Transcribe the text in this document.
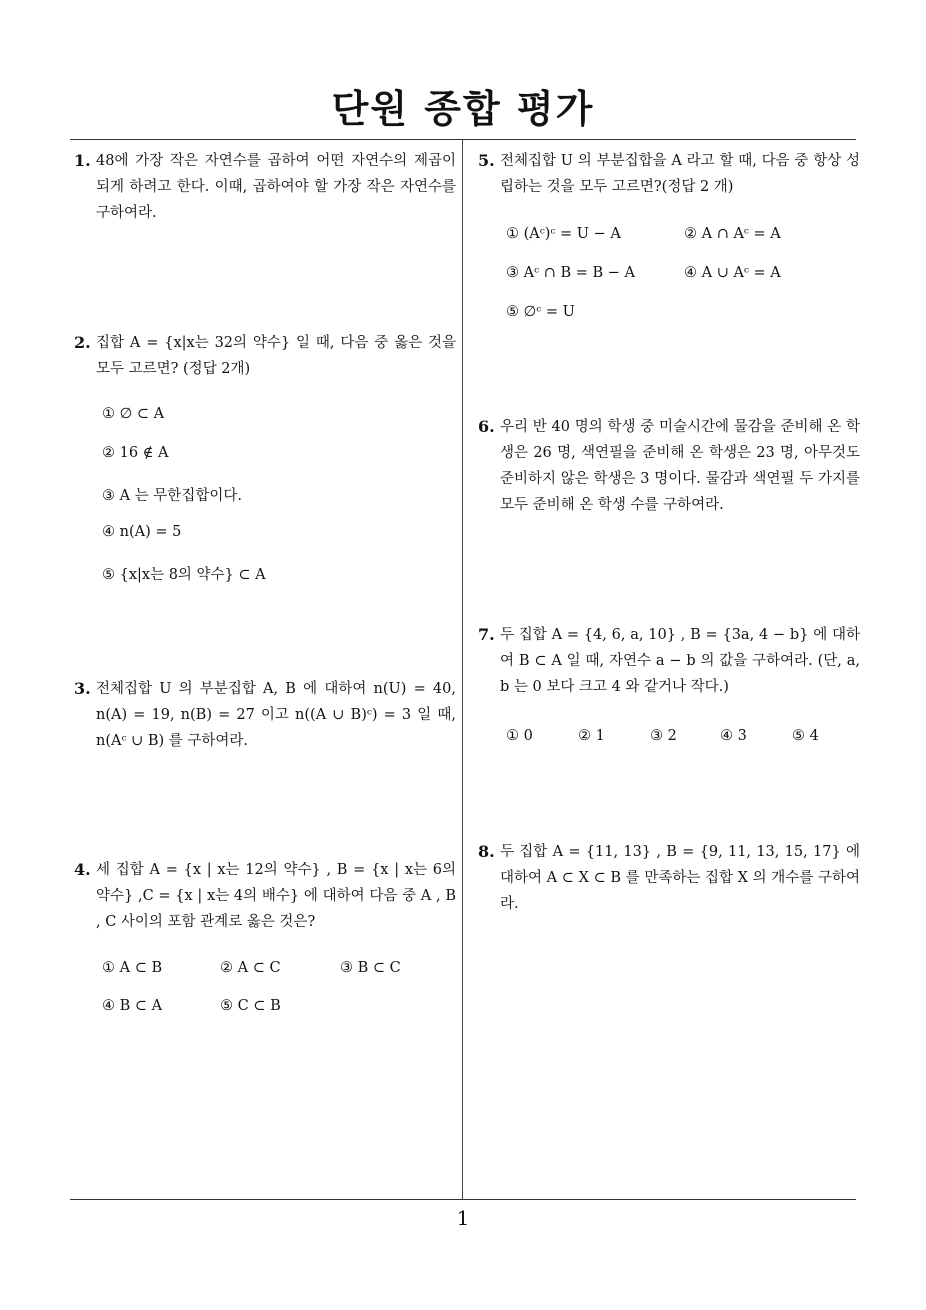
단원 종합 평가
1. 48에 가장 작은 자연수를 곱하여 어떤 자연수의 제곱이 되게 하려고 한다. 이때, 곱하여야 할 가장 작은 자연수를 구하여라.
2. 집합 A = {x|x는 32의 약수} 일 때, 다음 중 옳은 것을 모두 고르면? (정답 2개)
① ∅ ⊂ A
② 16 ∉ A
③ A 는 무한집합이다.
④ n(A) = 5
⑤ {x|x는 8의 약수} ⊂ A
3. 전체집합 U 의 부분집합 A, B 에 대하여 n(U) = 40, n(A) = 19, n(B) = 27 이고 n((A ∪ B)ᶜ) = 3 일 때, n(Aᶜ ∪ B) 를 구하여라.
4. 세 집합 A = {x | x는 12의 약수} , B = {x | x는 6의 약수} ,C = {x | x는 4의 배수} 에 대하여 다음 중 A , B , C 사이의 포함 관계로 옳은 것은?
① A ⊂ B	② A ⊂ C	③ B ⊂ C
④ B ⊂ A	⑤ C ⊂ B
5. 전체집합 U 의 부분집합을 A 라고 할 때, 다음 중 항상 성립하는 것을 모두 고르면?(정답 2 개)
① (Aᶜ)ᶜ = U − A	② A ∩ Aᶜ = A
③ Aᶜ ∩ B = B − A	④ A ∪ Aᶜ = A
⑤ ∅ᶜ = U
6. 우리 반 40 명의 학생 중 미술시간에 물감을 준비해 온 학생은 26 명, 색연필을 준비해 온 학생은 23 명, 아무것도 준비하지 않은 학생은 3 명이다. 물감과 색연필 두 가지를 모두 준비해 온 학생 수를 구하여라.
7. 두 집합 A = {4, 6, a, 10} , B = {3a, 4 − b} 에 대하여 B ⊂ A 일 때, 자연수 a − b 의 값을 구하여라. (단, a, b 는 0 보다 크고 4 와 같거나 작다.)
① 0	② 1	③ 2	④ 3	⑤ 4
8. 두 집합 A = {11, 13} , B = {9, 11, 13, 15, 17} 에 대하여 A ⊂ X ⊂ B 를 만족하는 집합 X 의 개수를 구하여라.
1
